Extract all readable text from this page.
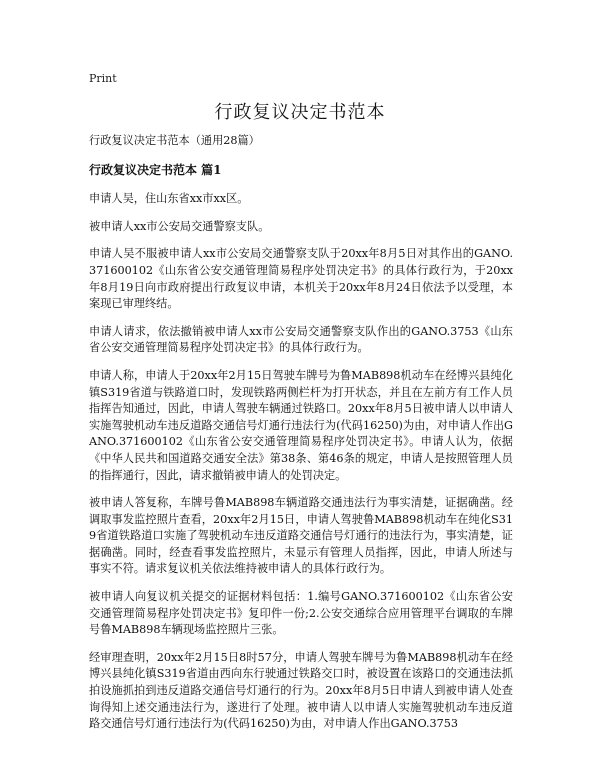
Print
行政复议决定书范本

行政复议决定书范本（通用28篇）

行政复议决定书范本 篇1

申请人吴，住山东省xx市xx区。

被申请人xx市公安局交通警察支队。

申请人吴不服被申请人xx市公安局交通警察支队于20xx年8月5日对其作出的GANO.371600102《山东省公安交通管理简易程序处罚决定书》的具体行政行为，于20xx年8月19日向市政府提出行政复议申请，本机关于20xx年8月24日依法予以受理，本案现已审理终结。

申请人请求，依法撤销被申请人xx市公安局交通警察支队作出的GANO.3753《山东省公安交通管理简易程序处罚决定书》的具体行政行为。

申请人称，申请人于20xx年2月15日驾驶车牌号为鲁MAB898机动车在经博兴县纯化镇S319省道与铁路道口时，发现铁路两侧栏杆为打开状态，并且在左前方有工作人员指挥告知通过，因此，申请人驾驶车辆通过铁路口。20xx年8月5日被申请人以申请人实施驾驶机动车违反道路交通信号灯通行违法行为(代码16250)为由，对申请人作出GANO.371600102《山东省公安交通管理简易程序处罚决定书》。申请人认为，依据《中华人民共和国道路交通安全法》第38条、第46条的规定，申请人是按照管理人员的指挥通行，因此，请求撤销被申请人的处罚决定。

被申请人答复称，车牌号鲁MAB898车辆道路交通违法行为事实清楚，证据确凿。经调取事发监控照片查看，20xx年2月15日，申请人驾驶鲁MAB898机动车在纯化S319省道铁路道口实施了驾驶机动车违反道路交通信号灯通行的违法行为，事实清楚，证据确凿。同时，经查看事发监控照片，未显示有管理人员指挥，因此，申请人所述与事实不符。请求复议机关依法维持被申请人的具体行政行为。

被申请人向复议机关提交的证据材料包括：1.编号GANO.371600102《山东省公安交通管理简易程序处罚决定书》复印件一份;2.公安交通综合应用管理平台调取的车牌号鲁MAB898车辆现场监控照片三张。

经审理查明，20xx年2月15日8时57分，申请人驾驶车牌号为鲁MAB898机动车在经博兴县纯化镇S319省道由西向东行驶通过铁路交口时，被设置在该路口的交通违法抓拍设施抓拍到违反道路交通信号灯通行的行为。20xx年8月5日申请人到被申请人处查询得知上述交通违法行为，遂进行了处理。被申请人以申请人实施驾驶机动车违反道路交通信号灯通行违法行为(代码16250)为由，对申请人作出GANO.3753
